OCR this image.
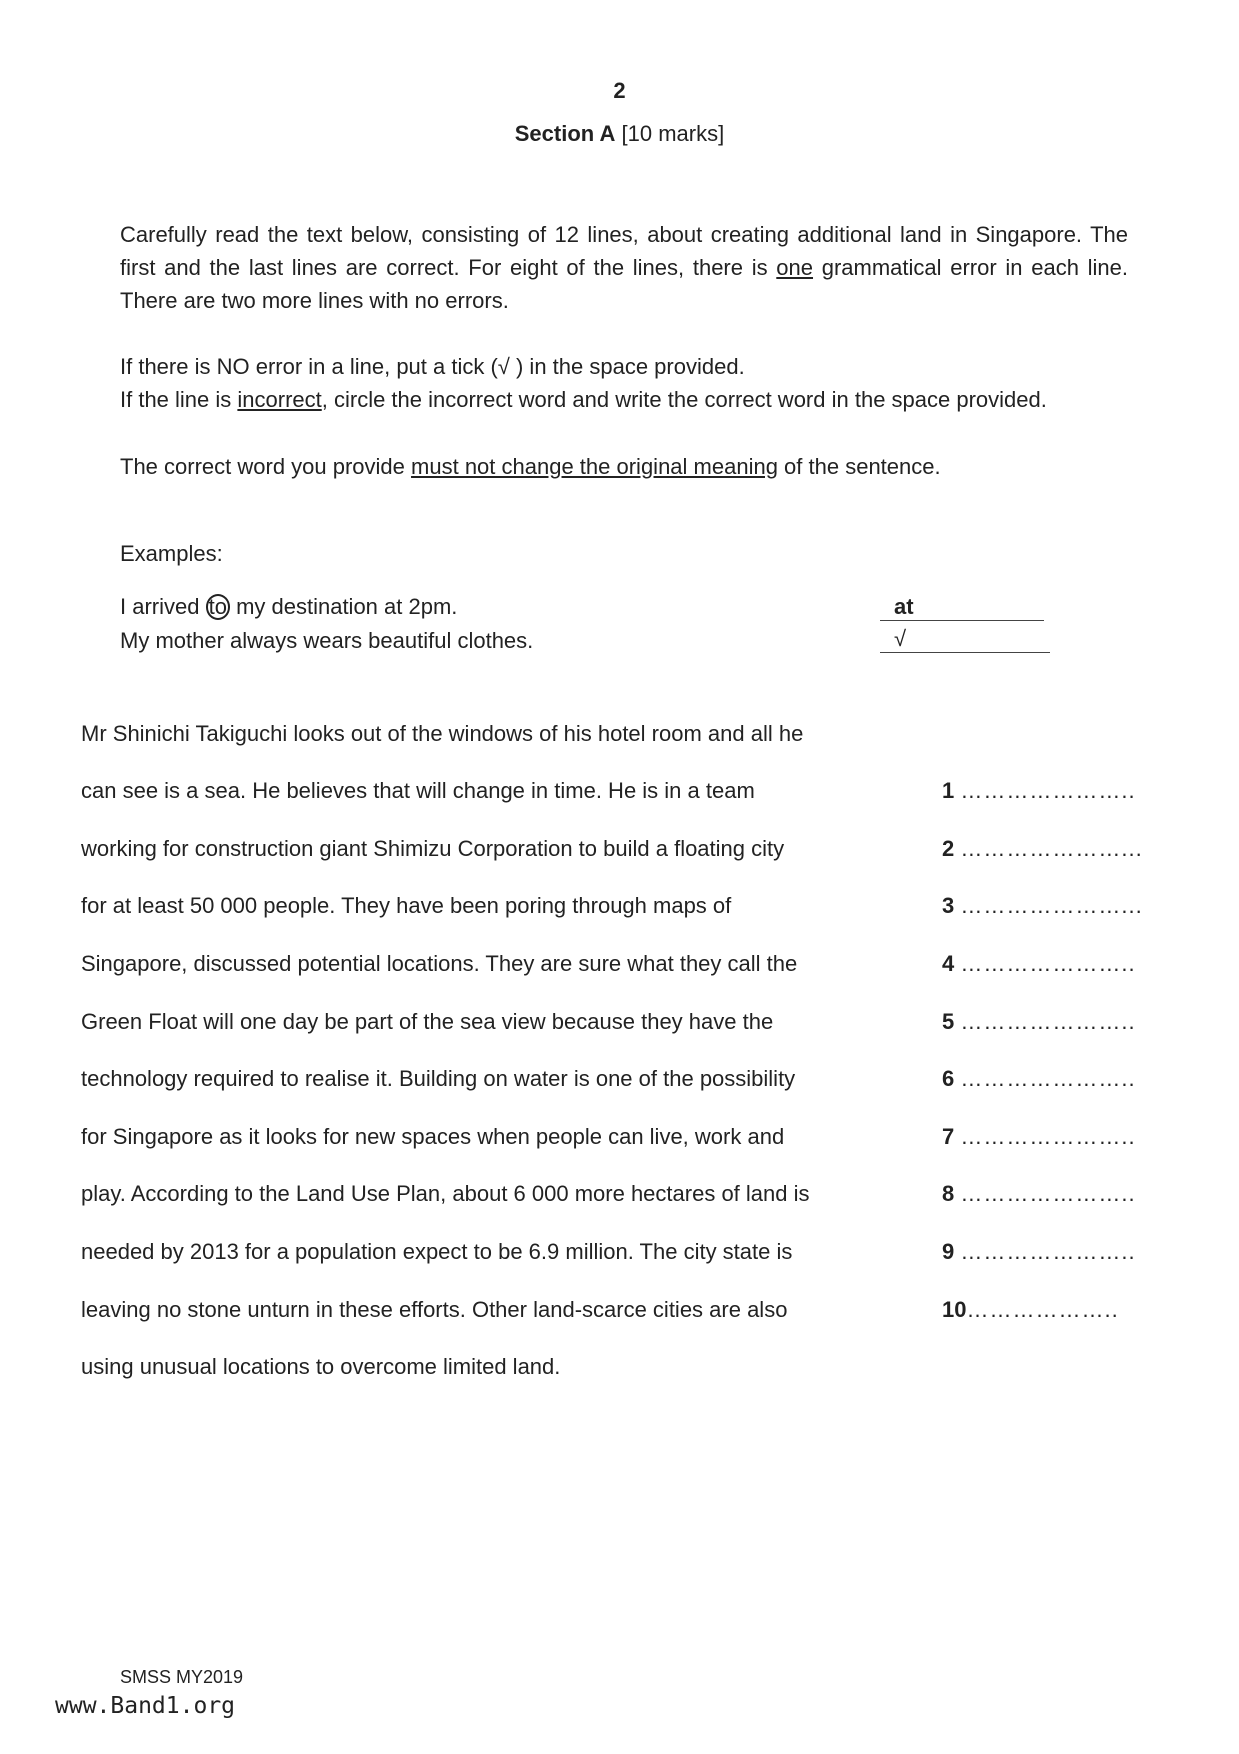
2
Section A [10 marks]
Carefully read the text below, consisting of 12 lines, about creating additional land in Singapore. The first and the last lines are correct. For eight of the lines, there is one grammatical error in each line. There are two more lines with no errors.
If there is NO error in a line, put a tick (√ ) in the space provided.
If the line is incorrect, circle the incorrect word and write the correct word in the space provided.
The correct word you provide must not change the original meaning of the sentence.
Examples:
I arrived to my destination at 2pm.	at
My mother always wears beautiful clothes.	√
Mr Shinichi Takiguchi looks out of the windows of his hotel room and all he
can see is a sea. He believes that will change in time. He is in a team
working for construction giant Shimizu Corporation to build a floating city
for at least 50 000 people. They have been poring through maps of
Singapore, discussed potential locations. They are sure what they call the
Green Float will one day be part of the sea view because they have the
technology required to realise it. Building on water is one of the possibility
for Singapore as it looks for new spaces when people can live, work and
play. According to the Land Use Plan, about 6 000 more hectares of land is
needed by 2013 for a population expect to be 6.9 million. The city state is
leaving no stone unturn in these efforts. Other land-scarce cities are also
using unusual locations to overcome limited land.
1 …………………..
2 …………………...
3 …………………...
4 …………………..
5 …………………..
6 …………………..
7 …………………..
8 …………………..
9 …………………..
10………………..
SMSS MY2019
www.Band1.org
